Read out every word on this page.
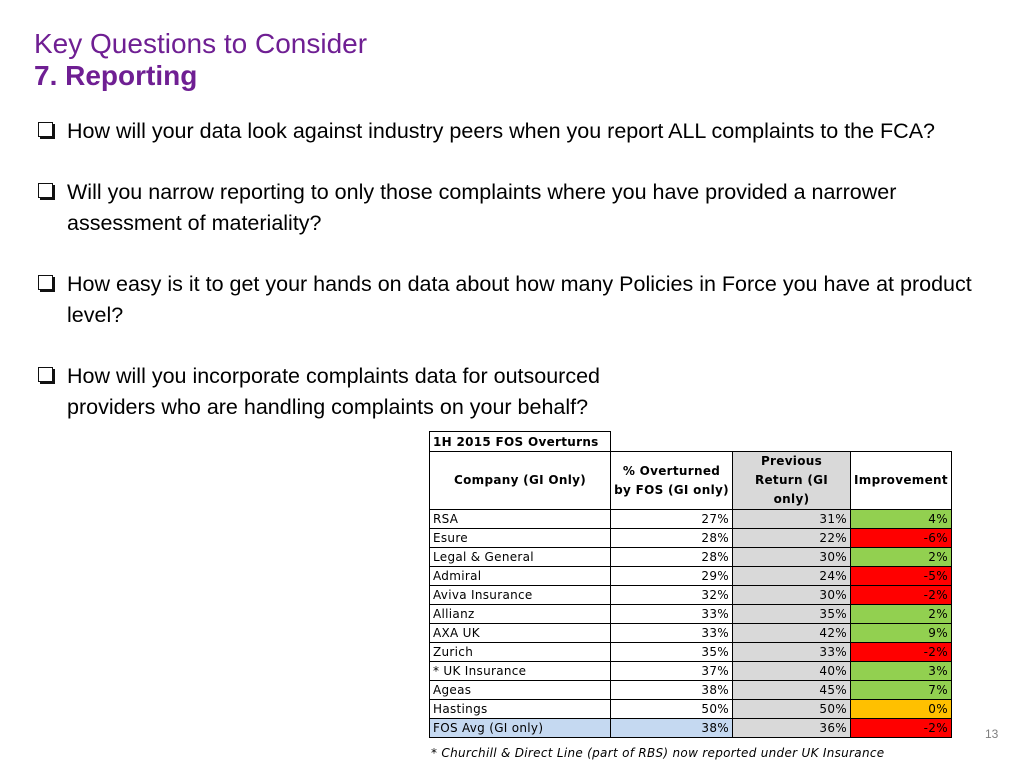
Key Questions to Consider
7. Reporting
How will your data look against industry peers when you report ALL complaints to the FCA?
Will you narrow reporting to only those complaints where you have provided a narrower assessment of materiality?
How easy is it to get your hands on data about how many Policies in Force you have at product level?
How will you incorporate complaints data for outsourced providers who are handling complaints on your behalf?
1H 2015 FOS Overturns			
Company (GI Only)	% Overturned by FOS (GI only)	Previous Return (GI only)	Improvement
RSA	27%	31%	4%
Esure	28%	22%	-6%
Legal & General	28%	30%	2%
Admiral	29%	24%	-5%
Aviva Insurance	32%	30%	-2%
Allianz	33%	35%	2%
AXA UK	33%	42%	9%
Zurich	35%	33%	-2%
* UK Insurance	37%	40%	3%
Ageas	38%	45%	7%
Hastings	50%	50%	0%
FOS Avg (GI only)	38%	36%	-2%
* Churchill & Direct Line (part of RBS) now reported under UK Insurance
13
